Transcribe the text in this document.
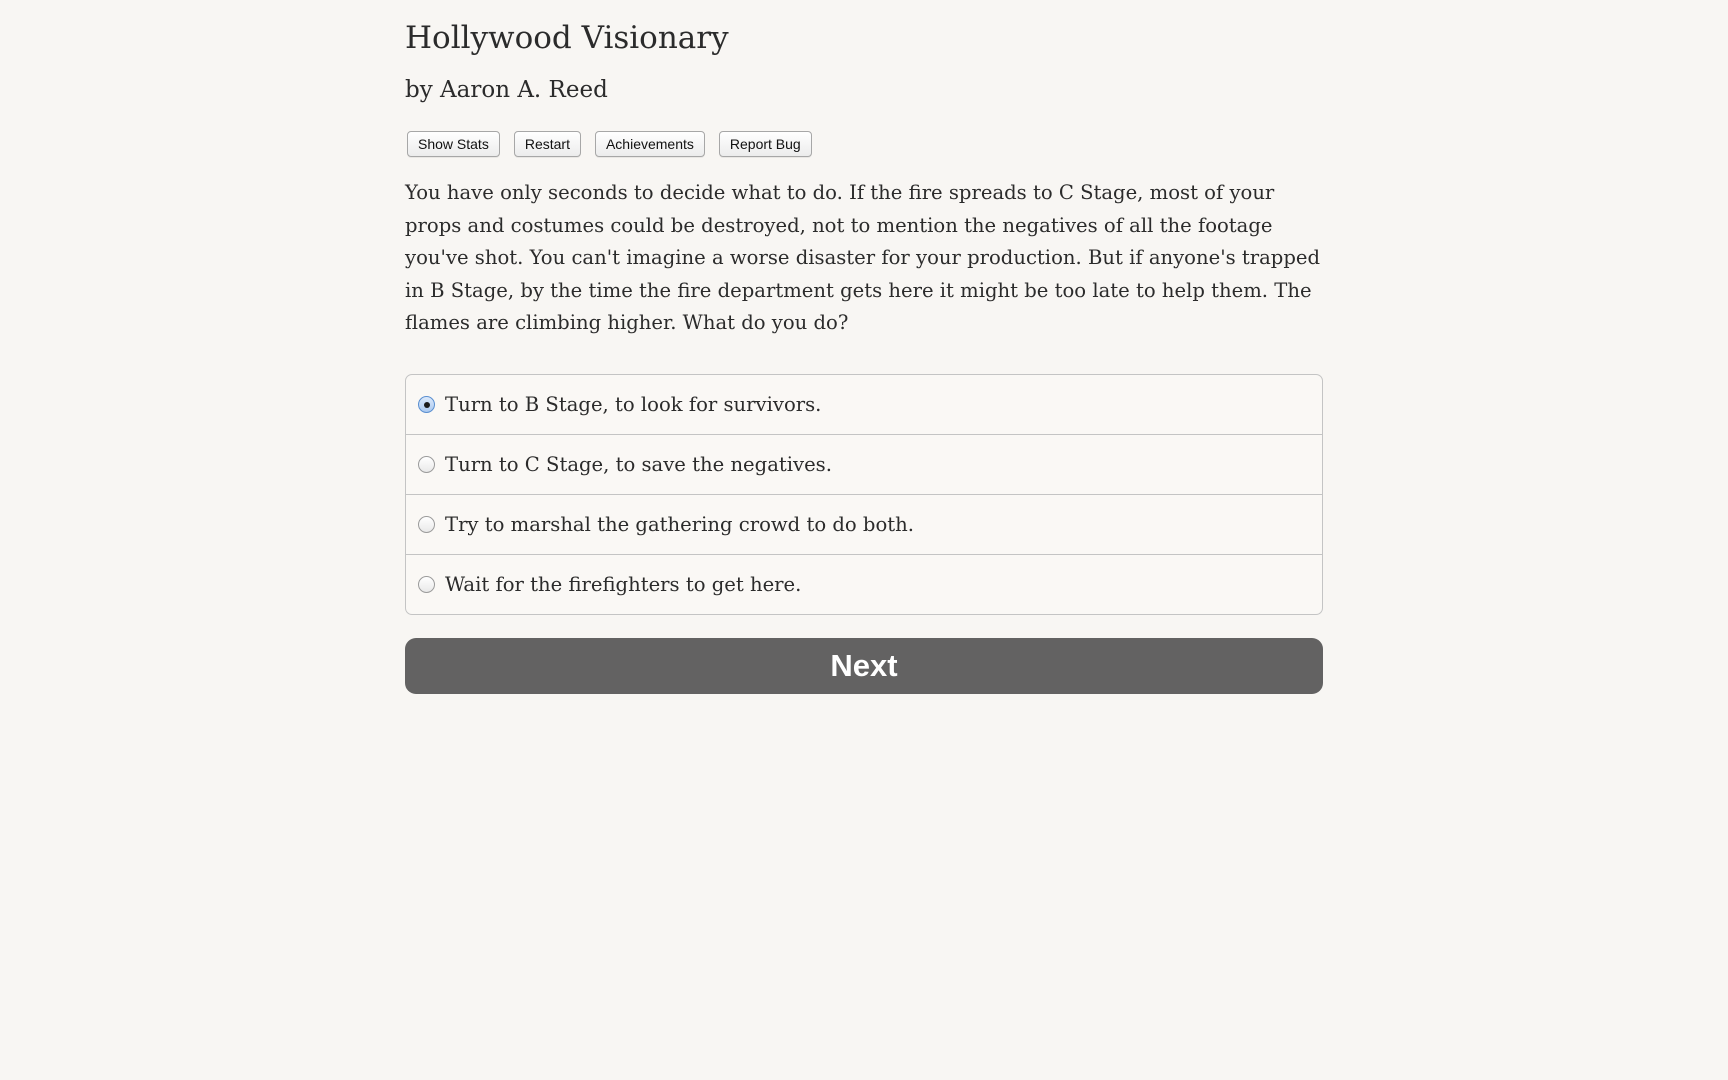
Hollywood Visionary
by Aaron A. Reed
Show Stats	Restart	Achievements	Report Bug

You have only seconds to decide what to do. If the fire spreads to C Stage, most of your props and costumes could be destroyed, not to mention the negatives of all the footage you've shot. You can't imagine a worse disaster for your production. But if anyone's trapped in B Stage, by the time the fire department gets here it might be too late to help them. The flames are climbing higher. What do you do?

Turn to B Stage, to look for survivors.
Turn to C Stage, to save the negatives.
Try to marshal the gathering crowd to do both.
Wait for the firefighters to get here.
Next
